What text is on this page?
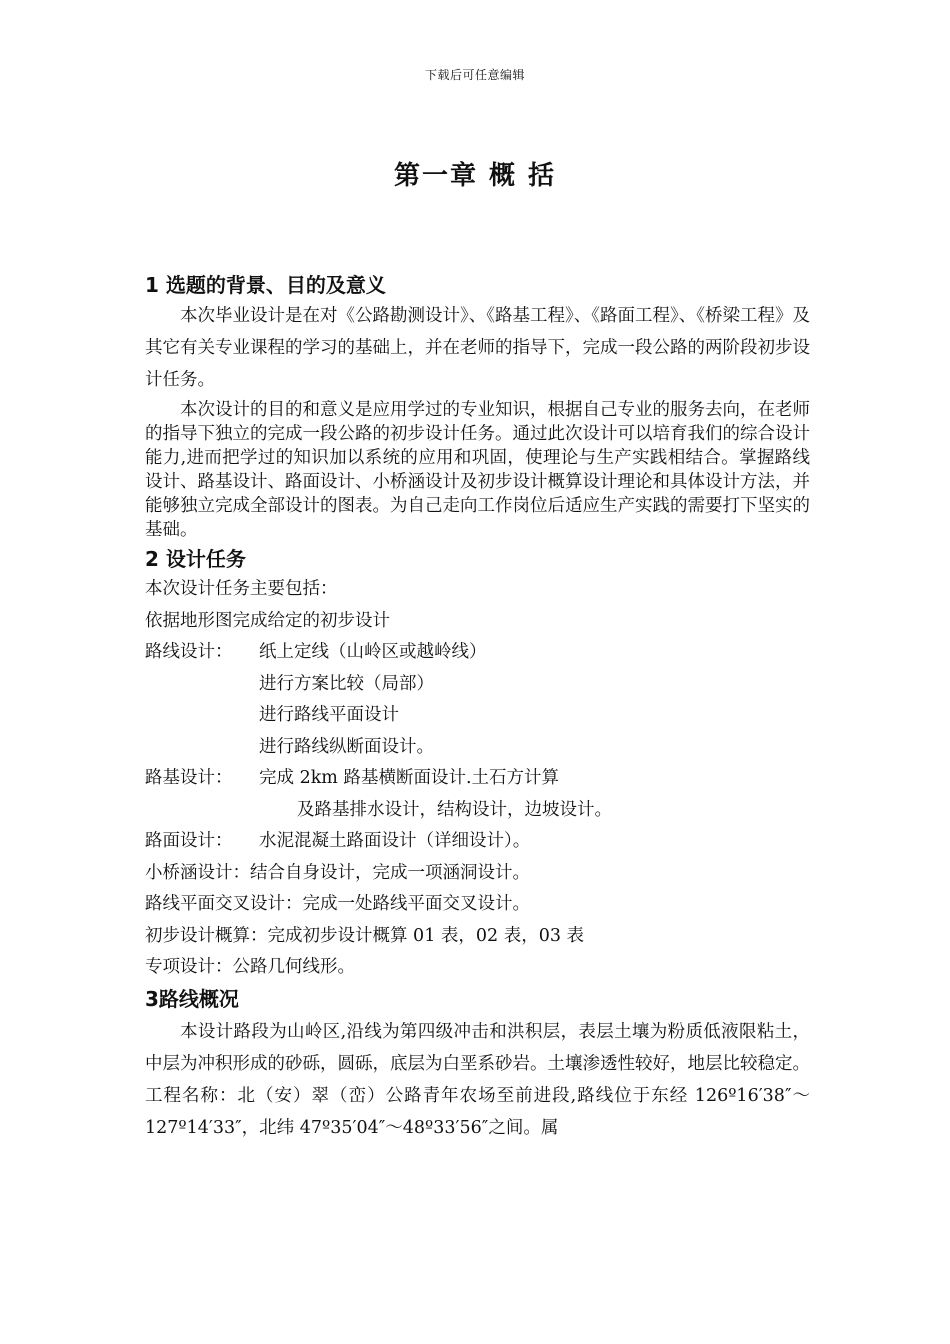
下载后可任意编辑
第一章 概 括
1 选题的背景、目的及意义

本次毕业设计是在对《公路勘测设计》、《路基工程》、《路面工程》、《桥梁工程》及其它有关专业课程的学习的基础上，并在老师的指导下，完成一段公路的两阶段初步设计任务。

本次设计的目的和意义是应用学过的专业知识，根据自己专业的服务去向，在老师的指导下独立的完成一段公路的初步设计任务。通过此次设计可以培育我们的综合设计能力,进而把学过的知识加以系统的应用和巩固，使理论与生产实践相结合。掌握路线设计、路基设计、路面设计、小桥涵设计及初步设计概算设计理论和具体设计方法，并能够独立完成全部设计的图表。为自己走向工作岗位后适应生产实践的需要打下坚实的基础。

2 设计任务

本次设计任务主要包括：

依据地形图完成给定的初步设计

路线设计：	纸上定线（山岭区或越岭线）
进行方案比较（局部）
进行路线平面设计
进行路线纵断面设计。
路基设计：	完成 2km 路基横断面设计.土石方计算
及路基排水设计，结构设计，边坡设计。
路面设计：	水泥混凝土路面设计（详细设计）。

小桥涵设计：结合自身设计，完成一项涵洞设计。

路线平面交叉设计：完成一处路线平面交叉设计。

初步设计概算：完成初步设计概算 01 表，02 表，03 表

专项设计：公路几何线形。

3路线概况

本设计路段为山岭区,沿线为第四级冲击和洪积层，表层土壤为粉质低液限粘土，中层为冲积形成的砂砾，圆砾，底层为白垩系砂岩。土壤渗透性较好，地层比较稳定。工程名称：北（安）翠（峦）公路青年农场至前进段,路线位于东经 126º16′38″～127º14′33″，北纬 47º35′04″～48º33′56″之间。属
